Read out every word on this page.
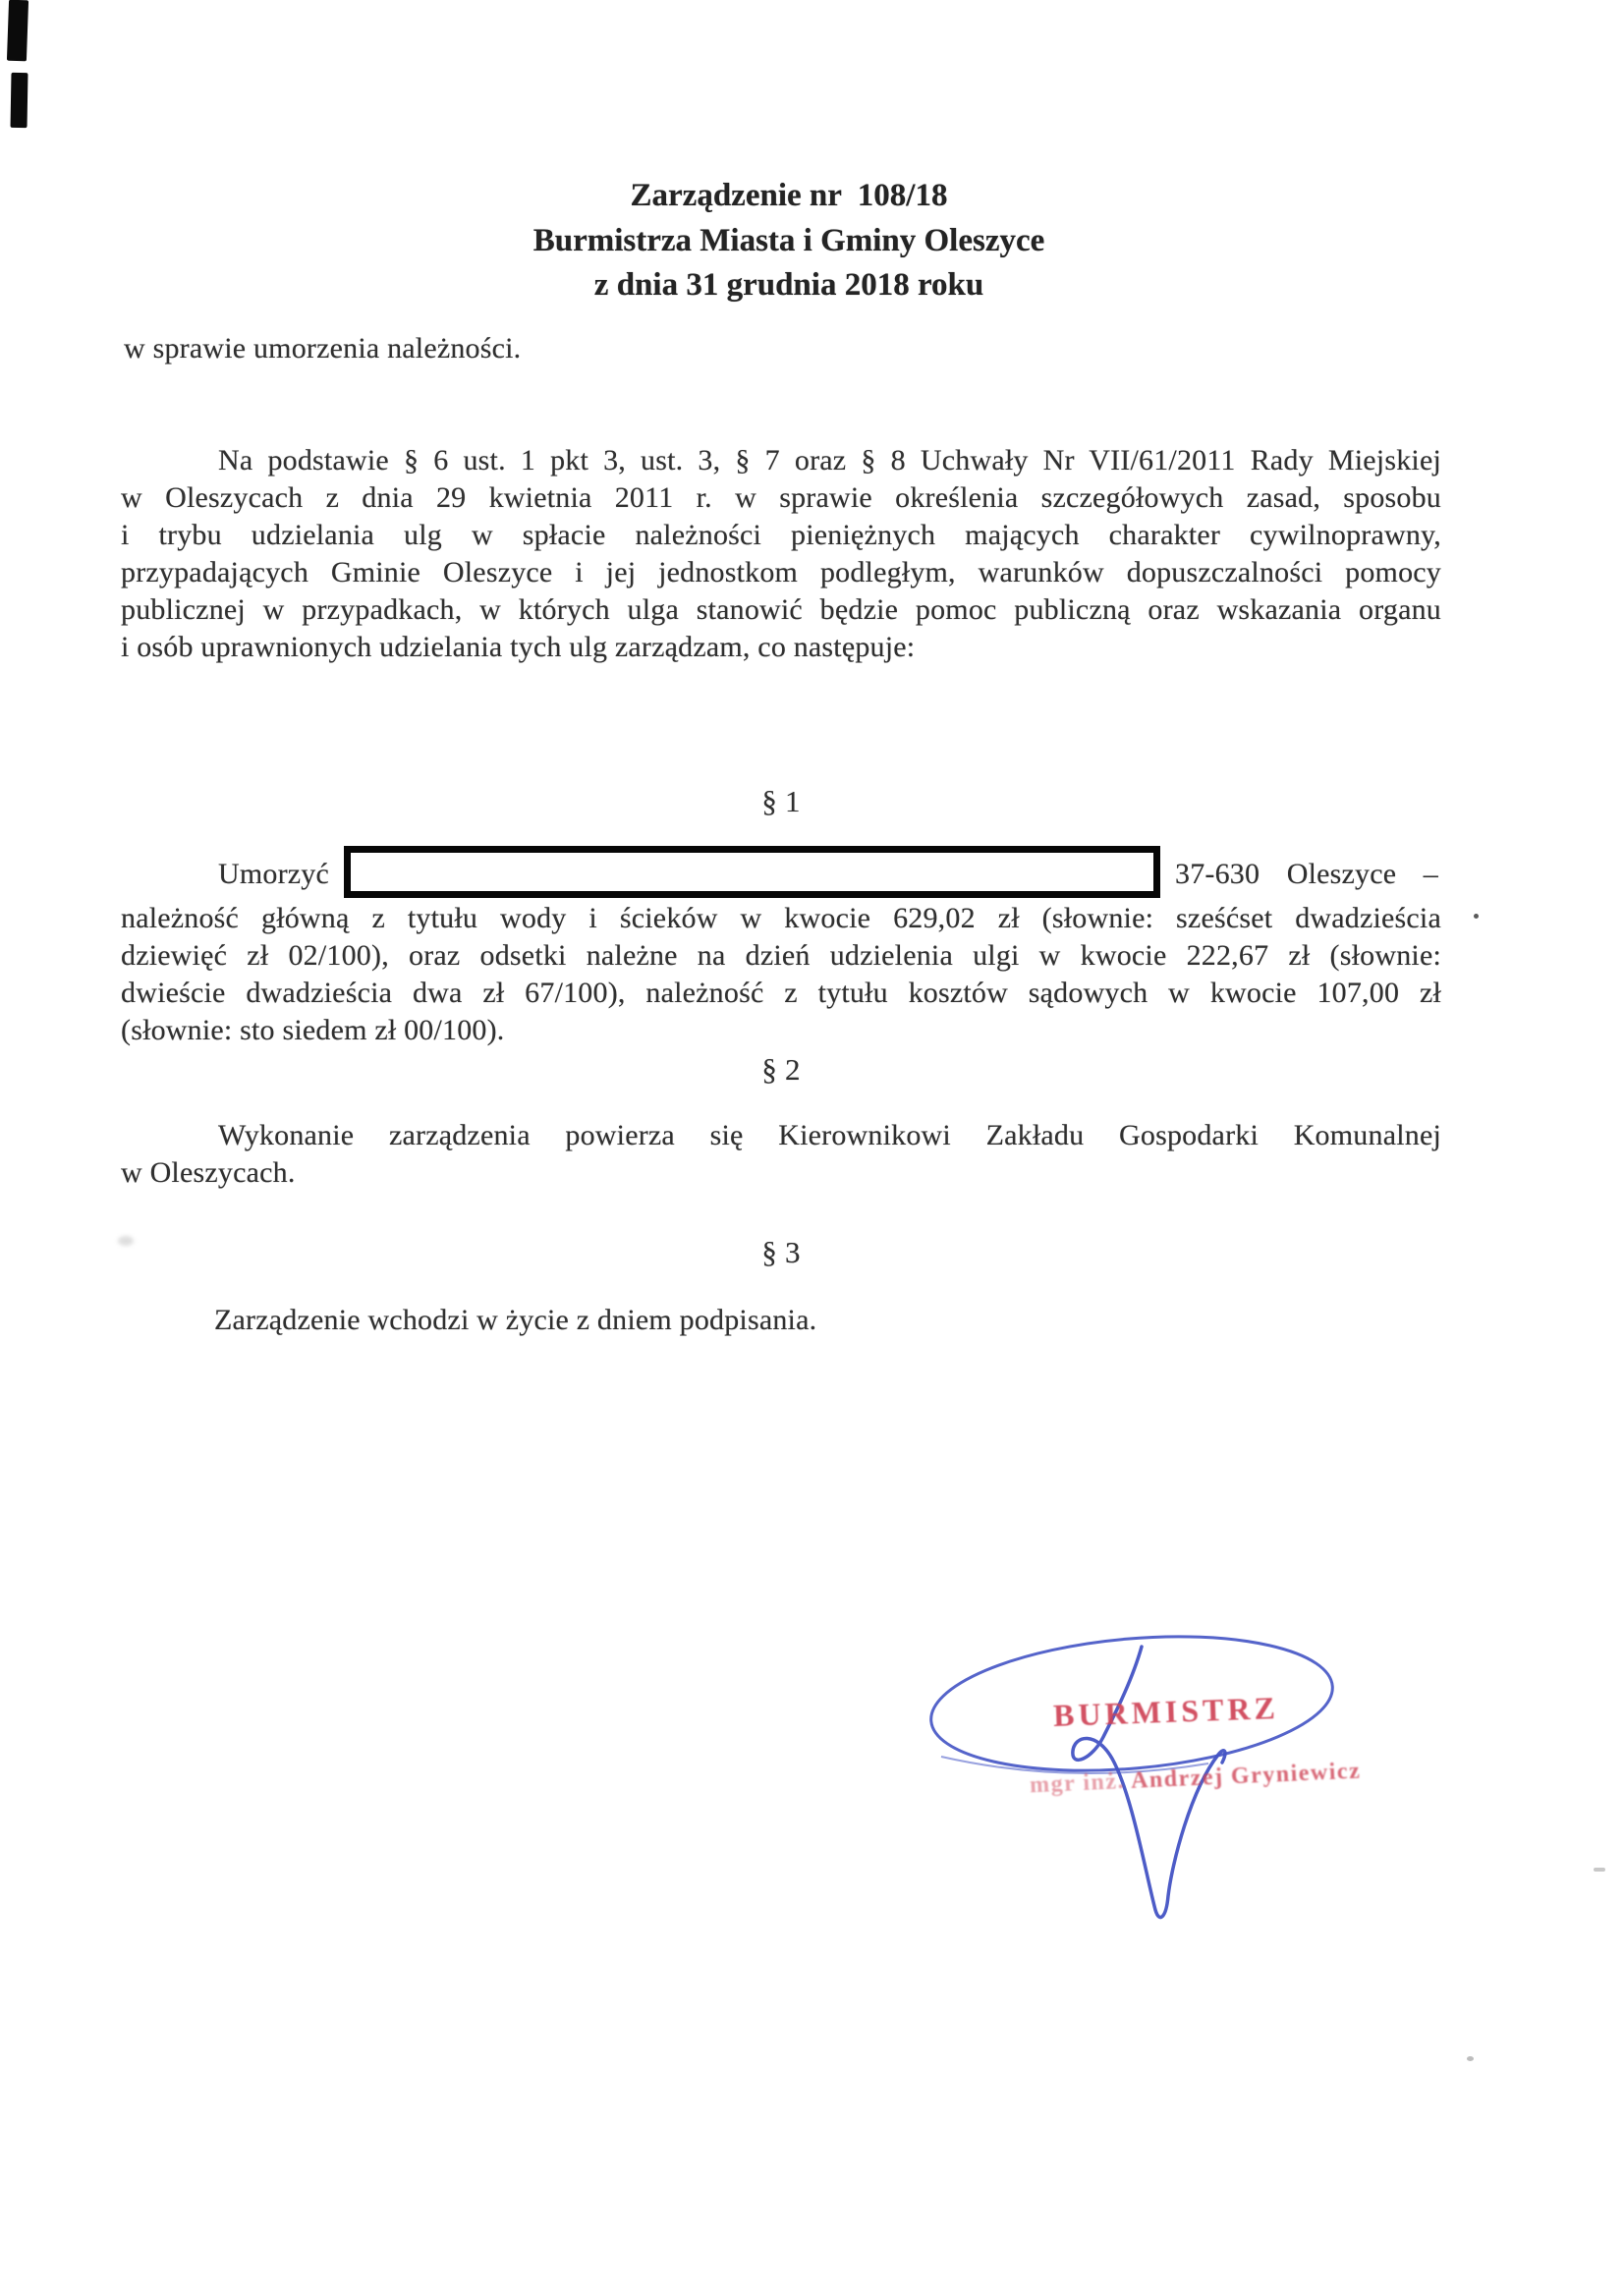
Zarządzenie nr  108/18
Burmistrza Miasta i Gminy Oleszyce
z dnia 31 grudnia 2018 roku
w sprawie umorzenia należności.
Na podstawie § 6 ust. 1 pkt 3, ust. 3, § 7 oraz § 8 Uchwały Nr VII/61/2011 Rady Miejskiej
w Oleszycach z dnia 29 kwietnia 2011 r. w sprawie określenia szczegółowych zasad, sposobu
i trybu udzielania ulg w spłacie należności pieniężnych mających charakter cywilnoprawny,
przypadających Gminie Oleszyce i jej jednostkom podległym, warunków dopuszczalności pomocy
publicznej w przypadkach, w których ulga stanowić będzie pomoc publiczną oraz wskazania organu
i osób uprawnionych udzielania tych ulg zarządzam, co następuje:
§ 1
Umorzyć	37-630 Oleszyce –
należność główną z tytułu wody i ścieków w kwocie 629,02 zł (słownie: sześćset dwadzieścia
dziewięć zł 02/100), oraz odsetki należne na dzień udzielenia ulgi w kwocie 222,67 zł (słownie:
dwieście dwadzieścia dwa zł 67/100), należność z tytułu kosztów sądowych w kwocie 107,00 zł
(słownie: sto siedem zł 00/100).
§ 2
Wykonanie zarządzenia powierza się Kierownikowi Zakładu Gospodarki Komunalnej
w Oleszycach.
§ 3
Zarządzenie wchodzi w życie z dniem podpisania.
BURMISTRZ
mgr inż. Andrzej Gryniewicz
